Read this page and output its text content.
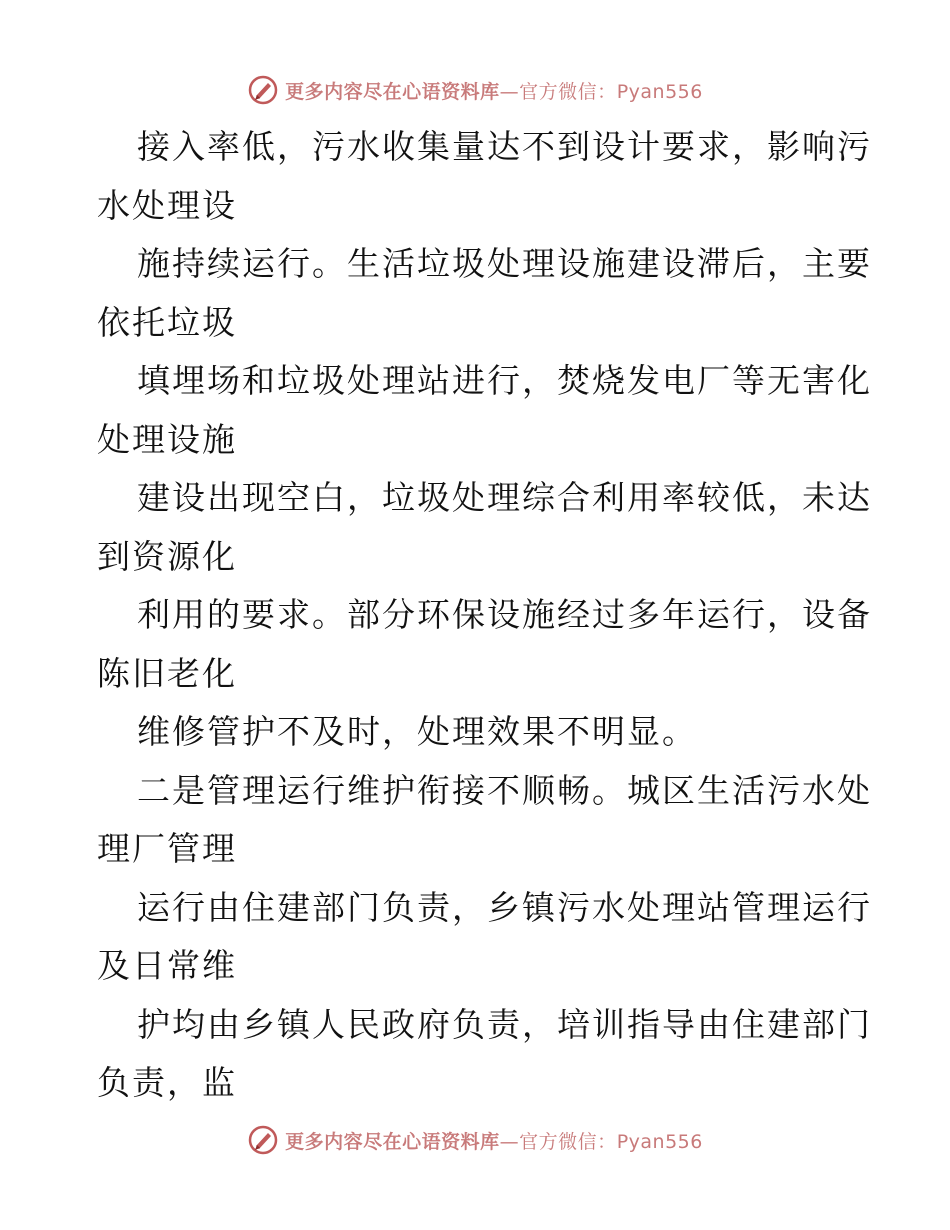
更多内容尽在心语资料库—官方微信：Pyan556
接入率低，污水收集量达不到设计要求，影响污
水处理设
施持续运行。生活垃圾处理设施建设滞后，主要
依托垃圾
填埋场和垃圾处理站进行，焚烧发电厂等无害化
处理设施
建设出现空白，垃圾处理综合利用率较低，未达
到资源化
利用的要求。部分环保设施经过多年运行，设备
陈旧老化
维修管护不及时，处理效果不明显。
二是管理运行维护衔接不顺畅。城区生活污水处
理厂管理
运行由住建部门负责，乡镇污水处理站管理运行
及日常维
护均由乡镇人民政府负责，培训指导由住建部门
负责，监
更多内容尽在心语资料库—官方微信：Pyan556
